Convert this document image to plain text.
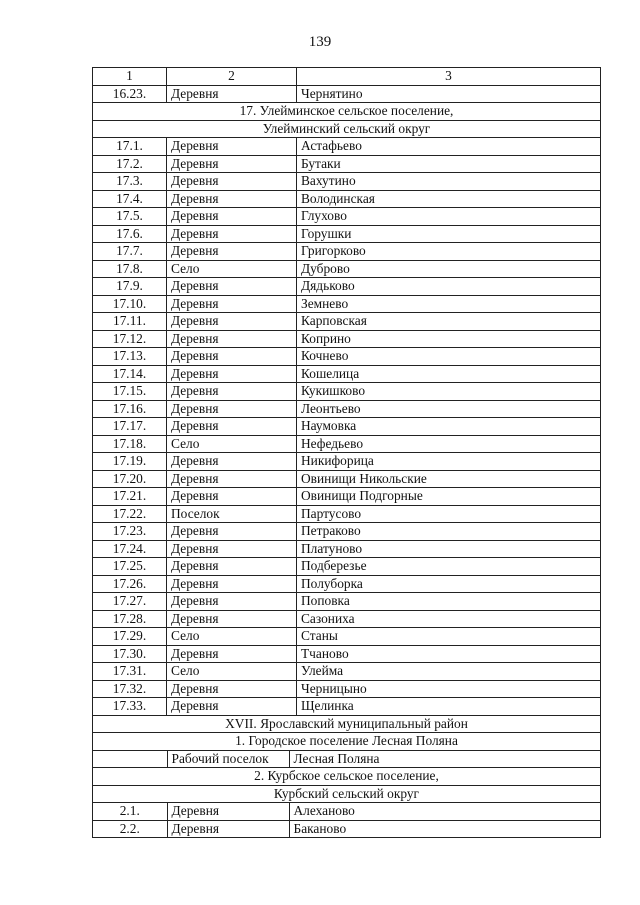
139
1	2	3
16.23.	Деревня	Чернятино
17. Улейминское сельское поселение,
Улейминский сельский округ
17.1.	Деревня	Астафьево
17.2.	Деревня	Бутаки
17.3.	Деревня	Вахутино
17.4.	Деревня	Володинская
17.5.	Деревня	Глухово
17.6.	Деревня	Горушки
17.7.	Деревня	Григорково
17.8.	Село	Дуброво
17.9.	Деревня	Дядьково
17.10.	Деревня	Земнево
17.11.	Деревня	Карповская
17.12.	Деревня	Коприно
17.13.	Деревня	Кочнево
17.14.	Деревня	Кошелица
17.15.	Деревня	Кукишково
17.16.	Деревня	Леонтьево
17.17.	Деревня	Наумовка
17.18.	Село	Нефедьево
17.19.	Деревня	Никифорица
17.20.	Деревня	Овинищи Никольские
17.21.	Деревня	Овинищи Подгорные
17.22.	Поселок	Партусово
17.23.	Деревня	Петраково
17.24.	Деревня	Платуново
17.25.	Деревня	Подберезье
17.26.	Деревня	Полуборка
17.27.	Деревня	Поповка
17.28.	Деревня	Сазониха
17.29.	Село	Станы
17.30.	Деревня	Тчаново
17.31.	Село	Улейма
17.32.	Деревня	Черницыно
17.33.	Деревня	Щелинка
XVII. Ярославский муниципальный район
1. Городское поселение Лесная Поляна

	Рабочий поселок	Лесная Поляна

2. Курбское сельское поселение,
Курбский сельский округ

2.1.	Деревня	Алеханово

2.2.	Деревня	Баканово
